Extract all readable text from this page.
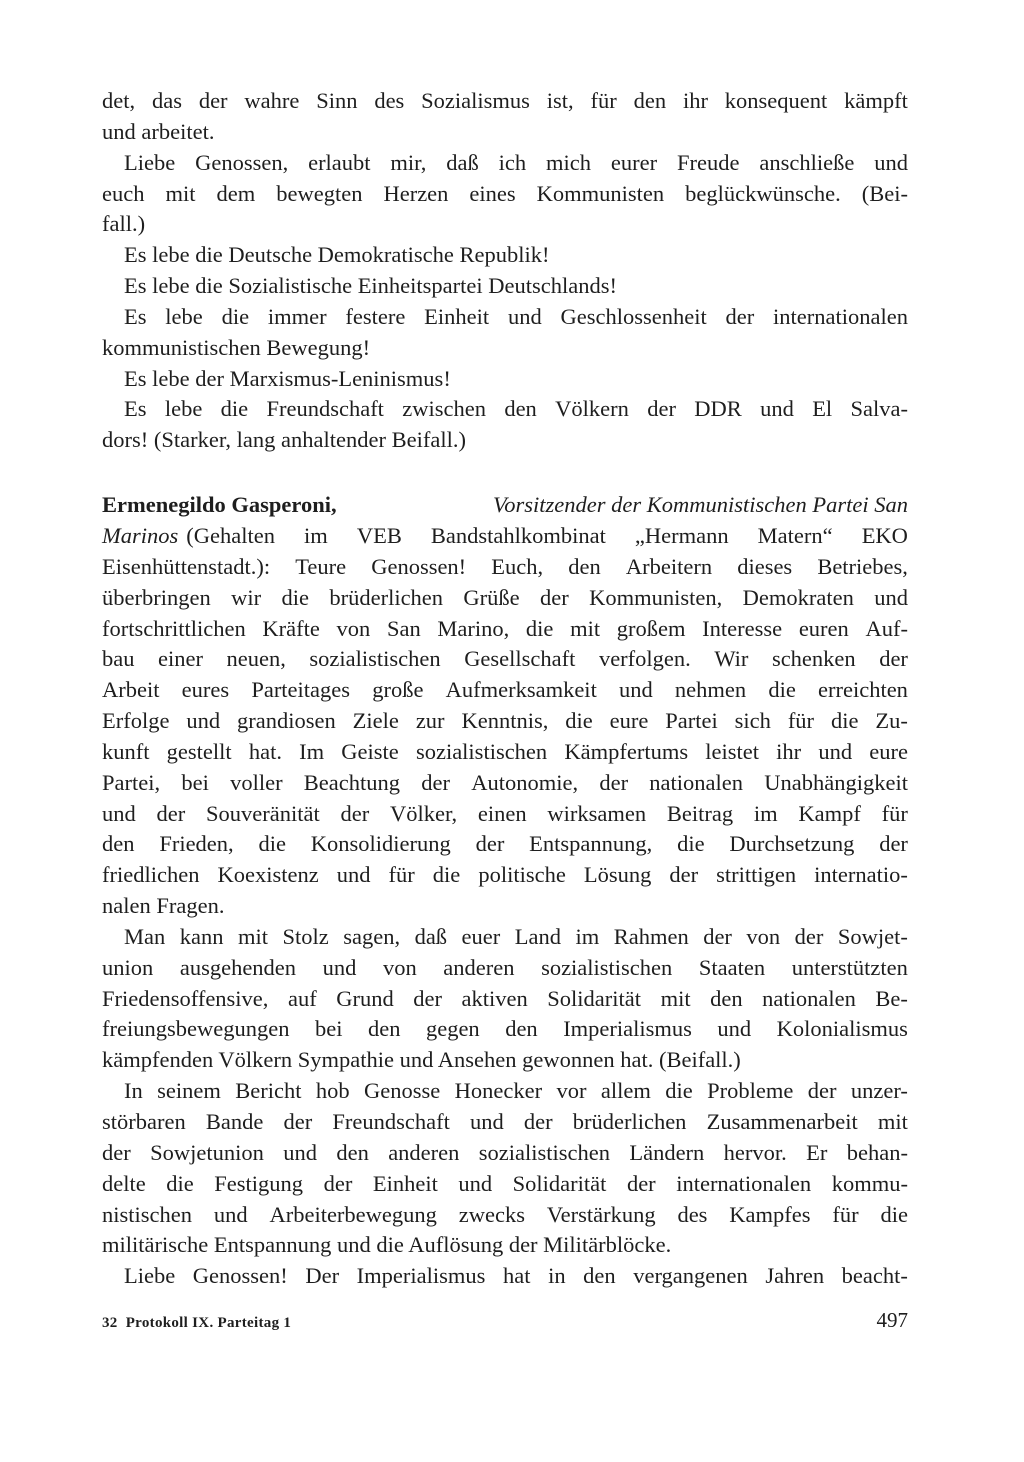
det, das der wahre Sinn des Sozialismus ist, für den ihr konsequent kämpft
und arbeitet.
Liebe Genossen, erlaubt mir, daß ich mich eurer Freude anschließe und
euch mit dem bewegten Herzen eines Kommunisten beglückwünsche. (Bei-
fall.)
Es lebe die Deutsche Demokratische Republik!
Es lebe die Sozialistische Einheitspartei Deutschlands!
Es lebe die immer festere Einheit und Geschlossenheit der internationalen
kommunistischen Bewegung!
Es lebe der Marxismus-Leninismus!
Es lebe die Freundschaft zwischen den Völkern der DDR und El Salva-
dors! (Starker, lang anhaltender Beifall.)
Ermenegildo Gasperoni,	Vorsitzender der Kommunistischen Partei San
Marinos (Gehalten im VEB Bandstahlkombinat „Hermann Matern“ EKO
Eisenhüttenstadt.): Teure Genossen! Euch, den Arbeitern dieses Betriebes,
überbringen wir die brüderlichen Grüße der Kommunisten, Demokraten und
fortschrittlichen Kräfte von San Marino, die mit großem Interesse euren Auf-
bau einer neuen, sozialistischen Gesellschaft verfolgen. Wir schenken der
Arbeit eures Parteitages große Aufmerksamkeit und nehmen die erreichten
Erfolge und grandiosen Ziele zur Kenntnis, die eure Partei sich für die Zu-
kunft gestellt hat. Im Geiste sozialistischen Kämpfertums leistet ihr und eure
Partei, bei voller Beachtung der Autonomie, der nationalen Unabhängigkeit
und der Souveränität der Völker, einen wirksamen Beitrag im Kampf für
den Frieden, die Konsolidierung der Entspannung, die Durchsetzung der
friedlichen Koexistenz und für die politische Lösung der strittigen internatio-
nalen Fragen.
Man kann mit Stolz sagen, daß euer Land im Rahmen der von der Sowjet-
union ausgehenden und von anderen sozialistischen Staaten unterstützten
Friedensoffensive, auf Grund der aktiven Solidarität mit den nationalen Be-
freiungsbewegungen bei den gegen den Imperialismus und Kolonialismus
kämpfenden Völkern Sympathie und Ansehen gewonnen hat. (Beifall.)
In seinem Bericht hob Genosse Honecker vor allem die Probleme der unzer-
störbaren Bande der Freundschaft und der brüderlichen Zusammenarbeit mit
der Sowjetunion und den anderen sozialistischen Ländern hervor. Er behan-
delte die Festigung der Einheit und Solidarität der internationalen kommu-
nistischen und Arbeiterbewegung zwecks Verstärkung des Kampfes für die
militärische Entspannung und die Auflösung der Militärblöcke.
Liebe Genossen! Der Imperialismus hat in den vergangenen Jahren beacht-
32  Protokoll IX. Parteitag 1	497
